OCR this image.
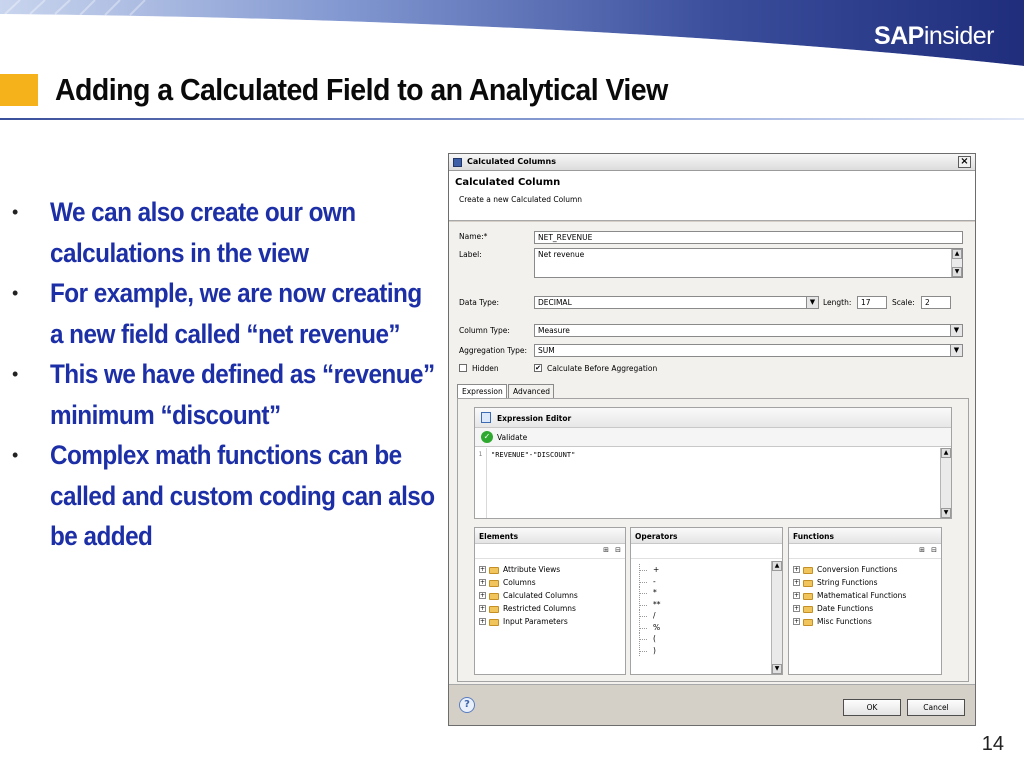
SAPinsider
Adding a Calculated Field to an Analytical View
• We can also create our own calculations in the view
• For example, we are now creating a new field called “net revenue”
• This we have defined as “revenue” minimum “discount”
• Complex math functions can be called and custom coding can also be added
14
Calculated Columns	×
Calculated Column
Create a new Calculated Column
Name:*	NET_REVENUE
Label:	Net revenue	▲
▼
Data Type:	DECIMAL	▼	Length:	17	Scale:	2
Column Type:	Measure	▼
Aggregation Type:	SUM	▼
Hidden	✔ Calculate Before Aggregation
Expression	Advanced
Expression Editor
✓ Validate
1	"REVENUE"-"DISCOUNT"	▲
▼
Elements
⊞ ⊟
+ Attribute Views
+ Columns
+ Calculated Columns
+ Restricted Columns
+ Input Parameters
Operators
+
-
*
**
/
%
(
)
▲
▼
Functions
⊞ ⊟
+ Conversion Functions
+ String Functions
+ Mathematical Functions
+ Date Functions
+ Misc Functions
?	OK	Cancel
